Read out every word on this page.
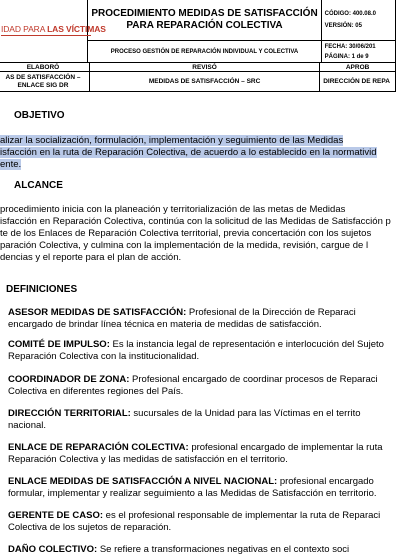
IDAD PARA LAS VÍCTIMAS	PROCEDIMIENTO MEDIDAS DE SATISFACCIÓN PARA REPARACIÓN COLECTIVA	CÓDIGO: 400.08.0
VERSIÓN: 05

	PROCESO GESTIÓN DE REPARACIÓN INDIVIDUAL Y COLECTIVA	FECHA: 30/06/201
PÁGINA: 1 de 9
ELABORÓ	REVISÓ	APROB
AS DE SATISFACCIÓN – ENLACE SIG DR	MEDIDAS DE SATISFACCIÓN – SRC	DIRECCIÓN DE REPA
OBJETIVO
alizar la socialización, formulación, implementación y seguimiento de las Medidas
isfacción en la ruta de Reparación Colectiva, de acuerdo a lo establecido en la normativid
ente.
ALCANCE
procedimiento inicia con la planeación y territorialización de las metas de Medidas
isfacción en Reparación Colectiva, continúa con la solicitud de las Medidas de Satisfacción p
te de los Enlaces de Reparación Colectiva territorial, previa concertación con los sujetos
paración Colectiva, y culmina con la implementación de la medida, revisión, cargue de l
dencias y el reporte para el plan de acción.
DEFINICIONES
ASESOR MEDIDAS DE SATISFACCIÓN: Profesional de la Dirección de Reparaci
encargado de brindar línea técnica en materia de medidas de satisfacción.
COMITÉ DE IMPULSO: Es la instancia legal de representación e interlocución del Sujeto
Reparación Colectiva con la institucionalidad.
COORDINADOR DE ZONA: Profesional encargado de coordinar procesos de Reparaci
Colectiva en diferentes regiones del País.
DIRECCIÓN TERRITORIAL: sucursales de la Unidad para las Víctimas en el territo
nacional.
ENLACE DE REPARACIÓN COLECTIVA: profesional encargado de implementar la ruta
Reparación Colectiva y las medidas de satisfacción en el territorio.
ENLACE MEDIDAS DE SATISFACCIÓN A NIVEL NACIONAL: profesional encargado
formular, implementar y realizar seguimiento a las Medidas de Satisfacción en territorio.
GERENTE DE CASO: es el profesional responsable de implementar la ruta de Reparaci
Colectiva de los sujetos de reparación.
DAÑO COLECTIVO: Se refiere a transformaciones negativas en el contexto soci
